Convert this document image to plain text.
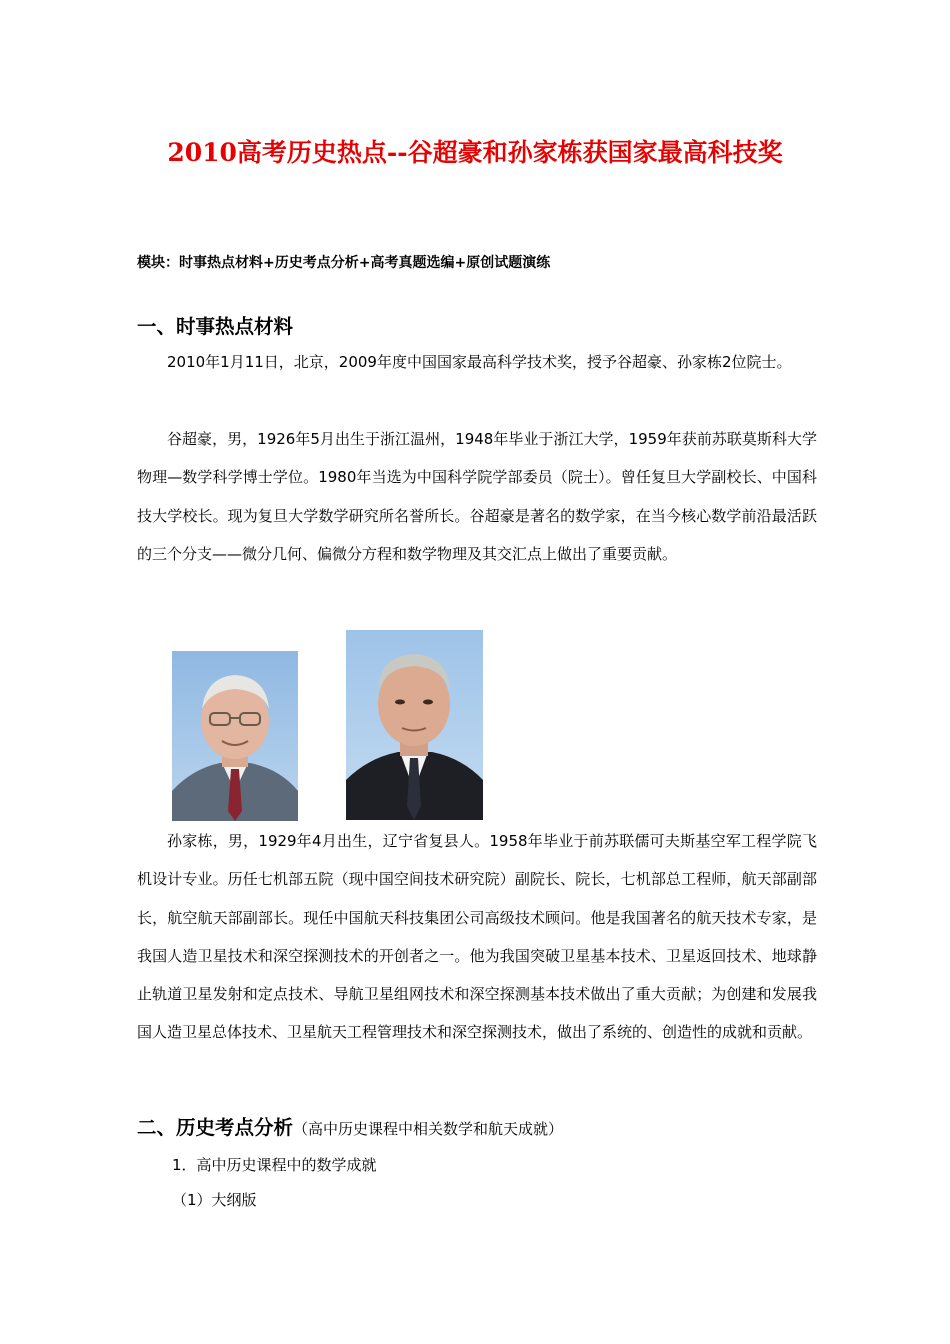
2010高考历史热点--谷超豪和孙家栋获国家最高科技奖
模块：时事热点材料+历史考点分析+高考真题选编+原创试题演练
一、时事热点材料

2010年1月11日，北京，2009年度中国国家最高科学技术奖，授予谷超豪、孙家栋2位院士。

谷超豪，男，1926年5月出生于浙江温州，1948年毕业于浙江大学，1959年获前苏联莫斯科大学物理—数学科学博士学位。1980年当选为中国科学院学部委员（院士）。曾任复旦大学副校长、中国科技大学校长。现为复旦大学数学研究所名誉所长。谷超豪是著名的数学家，在当今核心数学前沿最活跃的三个分支——微分几何、偏微分方程和数学物理及其交汇点上做出了重要贡献。

孙家栋，男，1929年4月出生，辽宁省复县人。1958年毕业于前苏联儒可夫斯基空军工程学院飞机设计专业。历任七机部五院（现中国空间技术研究院）副院长、院长，七机部总工程师，航天部副部长，航空航天部副部长。现任中国航天科技集团公司高级技术顾问。他是我国著名的航天技术专家，是我国人造卫星技术和深空探测技术的开创者之一。他为我国突破卫星基本技术、卫星返回技术、地球静止轨道卫星发射和定点技术、导航卫星组网技术和深空探测基本技术做出了重大贡献；为创建和发展我国人造卫星总体技术、卫星航天工程管理技术和深空探测技术，做出了系统的、创造性的成就和贡献。

二、历史考点分析（高中历史课程中相关数学和航天成就）
1．高中历史课程中的数学成就
（1）大纲版
